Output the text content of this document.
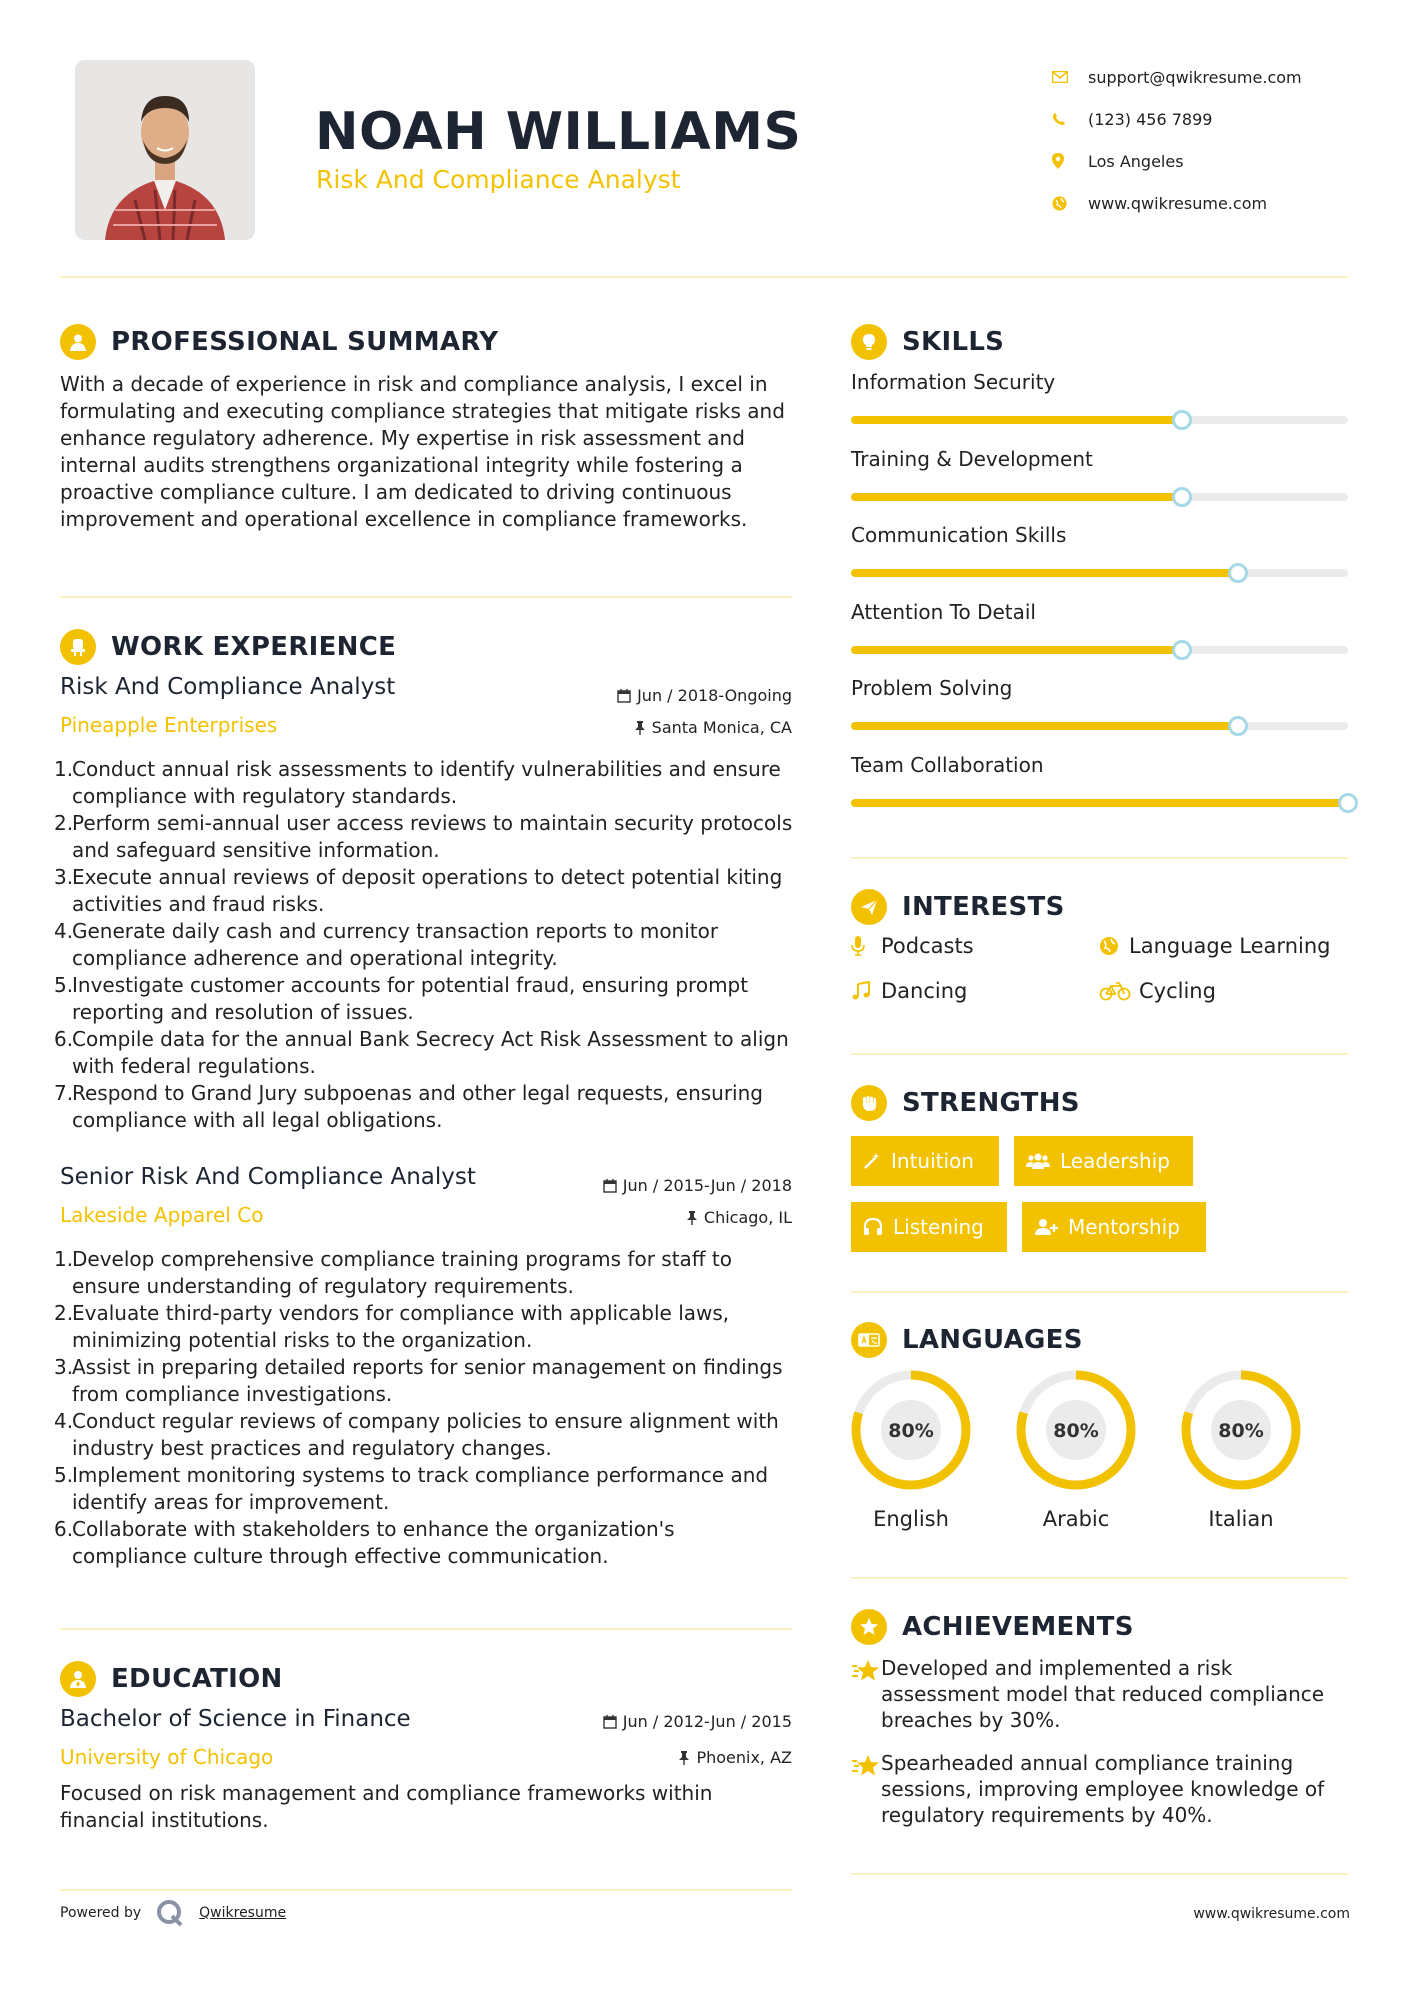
NOAH WILLIAMS
Risk And Compliance Analyst
support@qwikresume.com
(123) 456 7899
Los Angeles
www.qwikresume.com
PROFESSIONAL SUMMARY
With a decade of experience in risk and compliance analysis, I excel in formulating and executing compliance strategies that mitigate risks and enhance regulatory adherence. My expertise in risk assessment and internal audits strengthens organizational integrity while fostering a proactive compliance culture. I am dedicated to driving continuous improvement and operational excellence in compliance frameworks.
WORK EXPERIENCE
Risk And Compliance Analyst	Jun / 2018-Ongoing
Pineapple Enterprises	Santa Monica, CA
1.Conduct annual risk assessments to identify vulnerabilities and ensure compliance with regulatory standards.
2.Perform semi-annual user access reviews to maintain security protocols and safeguard sensitive information.
3.Execute annual reviews of deposit operations to detect potential kiting activities and fraud risks.
4.Generate daily cash and currency transaction reports to monitor compliance adherence and operational integrity.
5.Investigate customer accounts for potential fraud, ensuring prompt reporting and resolution of issues.
6.Compile data for the annual Bank Secrecy Act Risk Assessment to align with federal regulations.
7.Respond to Grand Jury subpoenas and other legal requests, ensuring compliance with all legal obligations.
Senior Risk And Compliance Analyst	Jun / 2015-Jun / 2018
Lakeside Apparel Co	Chicago, IL
1.Develop comprehensive compliance training programs for staff to ensure understanding of regulatory requirements.
2.Evaluate third-party vendors for compliance with applicable laws, minimizing potential risks to the organization.
3.Assist in preparing detailed reports for senior management on findings from compliance investigations.
4.Conduct regular reviews of company policies to ensure alignment with industry best practices and regulatory changes.
5.Implement monitoring systems to track compliance performance and identify areas for improvement.
6.Collaborate with stakeholders to enhance the organization's compliance culture through effective communication.
EDUCATION
Bachelor of Science in Finance	Jun / 2012-Jun / 2015
University of Chicago	Phoenix, AZ
Focused on risk management and compliance frameworks within financial institutions.
SKILLS
Information Security
Training & Development
Communication Skills
Attention To Detail
Problem Solving
Team Collaboration
INTERESTS
Podcasts	Language Learning
Dancing	Cycling
STRENGTHS
Intuition	Leadership
Listening	Mentorship
LANGUAGES
80%
English
80%
Arabic
80%
Italian
ACHIEVEMENTS
Developed and implemented a risk assessment model that reduced compliance breaches by 30%.
Spearheaded annual compliance training sessions, improving employee knowledge of regulatory requirements by 40%.
Powered by	Qwikresume	www.qwikresume.com
